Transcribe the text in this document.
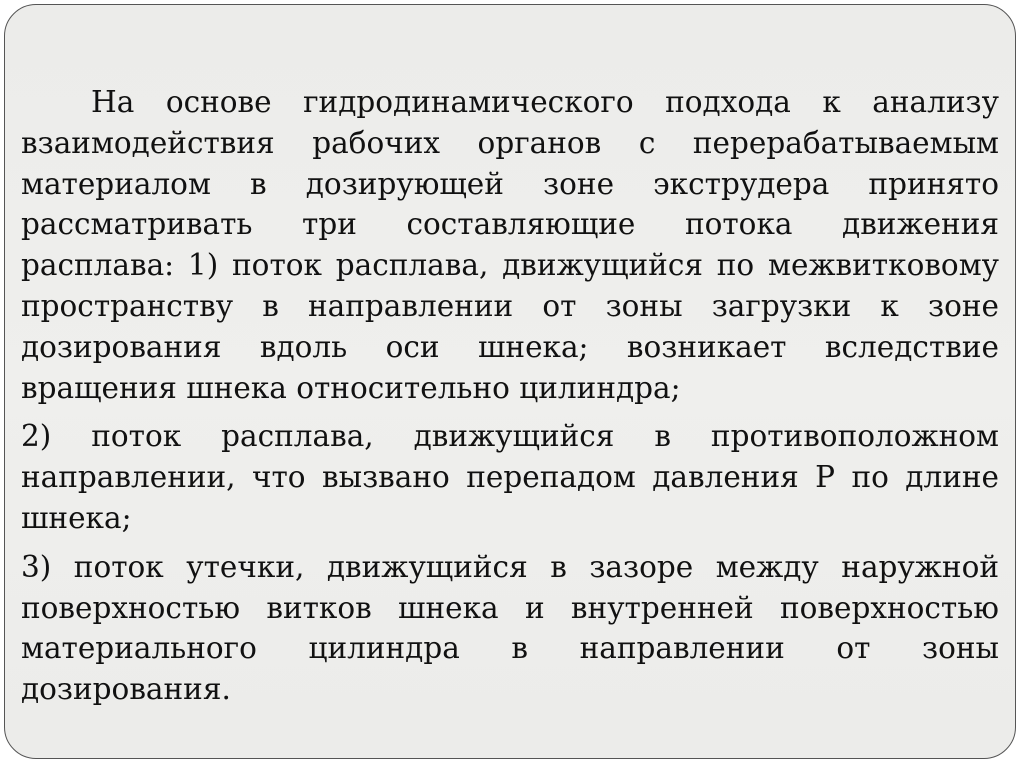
На основе гидродинамического подхода к анализу взаимодействия рабочих органов с перерабатываемым материалом в дозирующей зоне экструдера принято рассматривать три составляющие потока движения расплава: 1) поток расплава, движущийся по межвитковому пространству в направлении от зоны загрузки к зоне дозирования вдоль оси шнека; возникает вследствие вращения шнека относительно цилиндра;

2) поток расплава, движущийся в противоположном направлении, что вызвано перепадом давления Р по длине шнека;

3) поток утечки, движущийся в зазоре между наружной поверхностью витков шнека и внутренней поверхностью материального цилиндра в направлении от зоны дозирования.
